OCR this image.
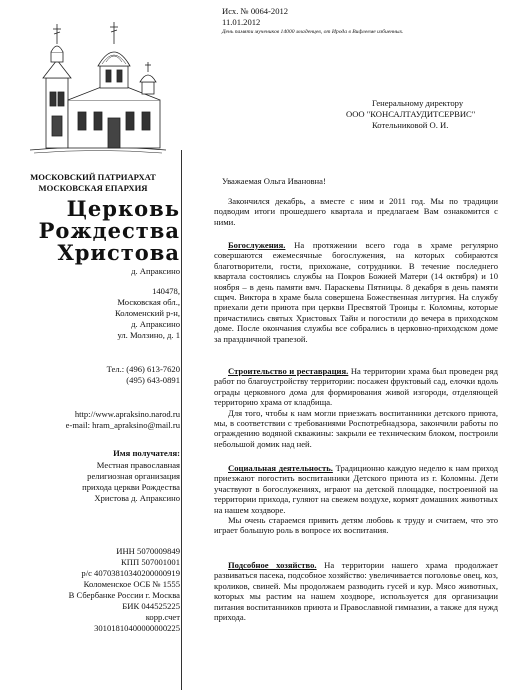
Исх. № 0064-2012
11.01.2012
День памяти мучеников 14000 младенцев, от Ирода в Вифлееме избиенных.
Генеральному директору
ООО "КОНСАЛТАУДИТСЕРВИС"
Котельниковой О. И.
МОСКОВСКИЙ ПАТРИАРХАТ
МОСКОВСКАЯ ЕПАРХИЯ
Церковь
Рождества
Христова
д. Апраксино
140478,
Московская обл.,
Коломенский р-н,
д. Апраксино
ул. Молзино, д. 1
Тел.: (496) 613-7620
(495) 643-0891
http://www.apraksino.narod.ru
e-mail: hram_apraksino@mail.ru
Имя получателя:
Местная православная
религиозная организация
прихода церкви Рождества
Христова д. Апраксино
ИНН 5070009849
КПП 507001001
р/с 40703810340200000919
Коломенское ОСБ № 1555
В Сбербанке России г. Москва
БИК 044525225
корр.счет
30101810400000000225
Уважаемая Ольга Ивановна!

Закончился декабрь, а вместе с ним и 2011 год. Мы по традиции подводим итоги прошедшего квартала и предлагаем Вам ознакомится с ними.

Богослужения. На протяжении всего года в храме регулярно совершаются ежемесячные богослужения, на которых собираются благотворители, гости, прихожане, сотрудники. В течение последнего квартала состоялись службы на Покров Божией Матери (14 октября) и 10 ноября – в день памяти вмч. Параскевы Пятницы. 8 декабря в день памяти сщмч. Виктора в храме была совершена Божественная литургия. На службу приехали дети приюта при церкви Пресвятой Троицы г. Коломны, которые причастились святых Христовых Тайн и погостили до вечера в приходском доме. После окончания службы все собрались в церковно-приходском доме за праздничной трапезой.

Строительство и реставрация. На территории храма был проведен ряд работ по благоустройству территории: посажен фруктовый сад, елочки вдоль ограды церковного дома для формирования живой изгороди, отделяющей территорию храма от кладбища.

Для того, чтобы к нам могли приезжать воспитанники детского приюта, мы, в соответствии с требованиями Роспотребнадзора, закончили работы по ограждению водяной скважины: закрыли ее техническим блоком, построили небольшой домик над ней.

Социальная деятельность. Традиционно каждую неделю к нам приход приезжают погостить воспитанники Детского приюта из г. Коломны. Дети участвуют в богослужениях, играют на детской площадке, построенной на территории прихода, гуляют на свежем воздухе, кормят домашних животных на нашем хоздворе.

Мы очень стараемся привить детям любовь к труду и считаем, что это играет большую роль в вопросе их воспитания.

Подсобное хозяйство. На территории нашего храма продолжает развиваться пасека, подсобное хозяйство: увеличивается поголовье овец, коз, кроликов, свиней. Мы продолжаем разводить гусей и кур. Мясо животных, которых мы растим на нашем хоздворе, используется для организации питания воспитанников приюта и Православной гимназии, а также для нужд прихода.
